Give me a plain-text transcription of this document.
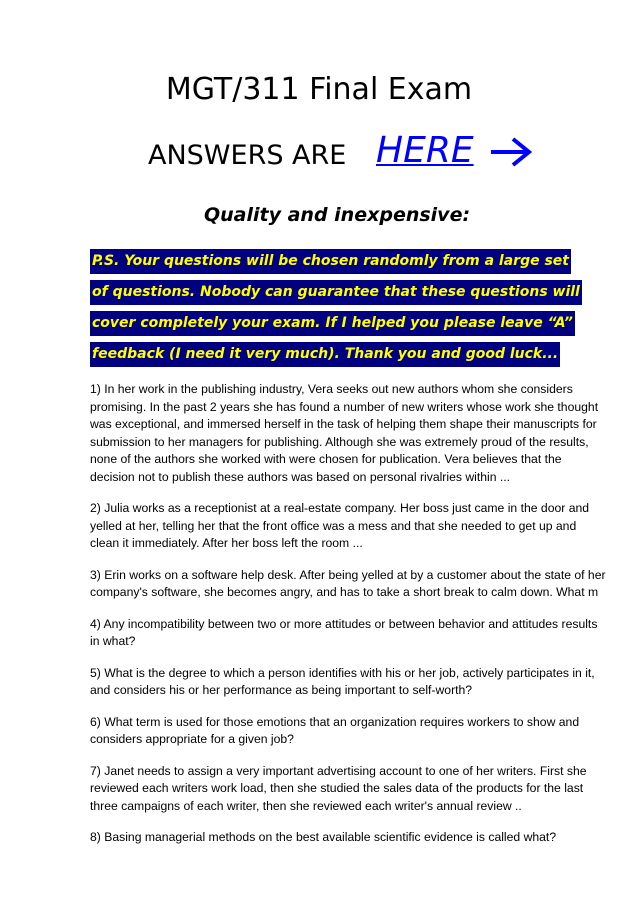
MGT/311 Final Exam
ANSWERS ARE HERE
Quality and inexpensive:
P.S. Your questions will be chosen randomly from a large set
of questions. Nobody can guarantee that these questions will
cover completely your exam. If I helped you please leave “A”
feedback (I need it very much). Thank you and good luck...
1) In her work in the publishing industry, Vera seeks out new authors whom she considers
promising. In the past 2 years she has found a number of new writers whose work she thought
was exceptional, and immersed herself in the task of helping them shape their manuscripts for
submission to her managers for publishing. Although she was extremely proud of the results,
none of the authors she worked with were chosen for publication. Vera believes that the
decision not to publish these authors was based on personal rivalries within ...
2) Julia works as a receptionist at a real-estate company. Her boss just came in the door and
yelled at her, telling her that the front office was a mess and that she needed to get up and
clean it immediately. After her boss left the room ...
3) Erin works on a software help desk. After being yelled at by a customer about the state of her
company's software, she becomes angry, and has to take a short break to calm down. What m
4) Any incompatibility between two or more attitudes or between behavior and attitudes results
in what?
5) What is the degree to which a person identifies with his or her job, actively participates in it,
and considers his or her performance as being important to self-worth?
6) What term is used for those emotions that an organization requires workers to show and
considers appropriate for a given job?
7) Janet needs to assign a very important advertising account to one of her writers. First she
reviewed each writers work load, then she studied the sales data of the products for the last
three campaigns of each writer, then she reviewed each writer's annual review ..
8) Basing managerial methods on the best available scientific evidence is called what?
